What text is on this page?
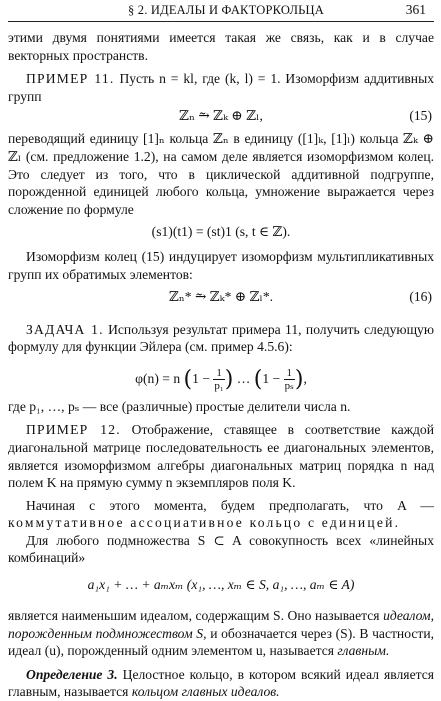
§ 2. ИДЕАЛЫ И ФАКТОРКОЛЬЦА	361

этими двумя понятиями имеется такая же связь, как и в случае векторных пространств.

ПРИМЕР 11. Пусть n = kl, где (k, l) = 1. Изоморфизм аддитивных групп

ℤₙ ⥲ ℤₖ ⊕ ℤₗ,	(15)

переводящий единицу [1]ₙ кольца ℤₙ в единицу ([1]ₖ, [1]ₗ) кольца ℤₖ ⊕ ℤₗ (см. предложение 1.2), на самом деле является изоморфизмом колец. Это следует из того, что в циклической аддитивной подгруппе, порожденной единицей любого кольца, умножение выражается через сложение по формуле

(s1)(t1) = (st)1 (s, t ∈ ℤ).

Изоморфизм колец (15) индуцирует изоморфизм мультипликативных групп их обратимых элементов:

ℤₙ* ⥲ ℤₖ* ⊕ ℤₗ*.	(16)

ЗАДАЧА 1. Используя результат примера 11, получить следующую формулу для функции Эйлера (см. пример 4.5.6):

φ(n) = n ($1 - \frac{1}{\text{p₁}}$ ) … ($1 - \frac{1}{\text{pₛ}}$ ),

где p₁, …, pₛ — все (различные) простые делители числа n.

ПРИМЕР 12. Отображение, ставящее в соответствие каждой диагональной матрице последовательность ее диагональных элементов, является изоморфизмом алгебры диагональных матриц порядка n над полем K на прямую сумму n экземпляров поля K.

Начиная с этого момента, будем предполагать, что A — коммутативное ассоциативное кольцо с единицей.

Для любого подмножества S ⊂ A совокупность всех «линейных комбинаций»

a₁x₁ + … + aₘxₘ (x₁, …, xₘ ∈ S, a₁, …, aₘ ∈ A)

является наименьшим идеалом, содержащим S. Оно называется идеалом, порожденным подмножеством S, и обозначается через (S). В частности, идеал (u), порожденный одним элементом u, называется главным.

Определение 3. Целостное кольцо, в котором всякий идеал является главным, называется кольцом главных идеалов.
